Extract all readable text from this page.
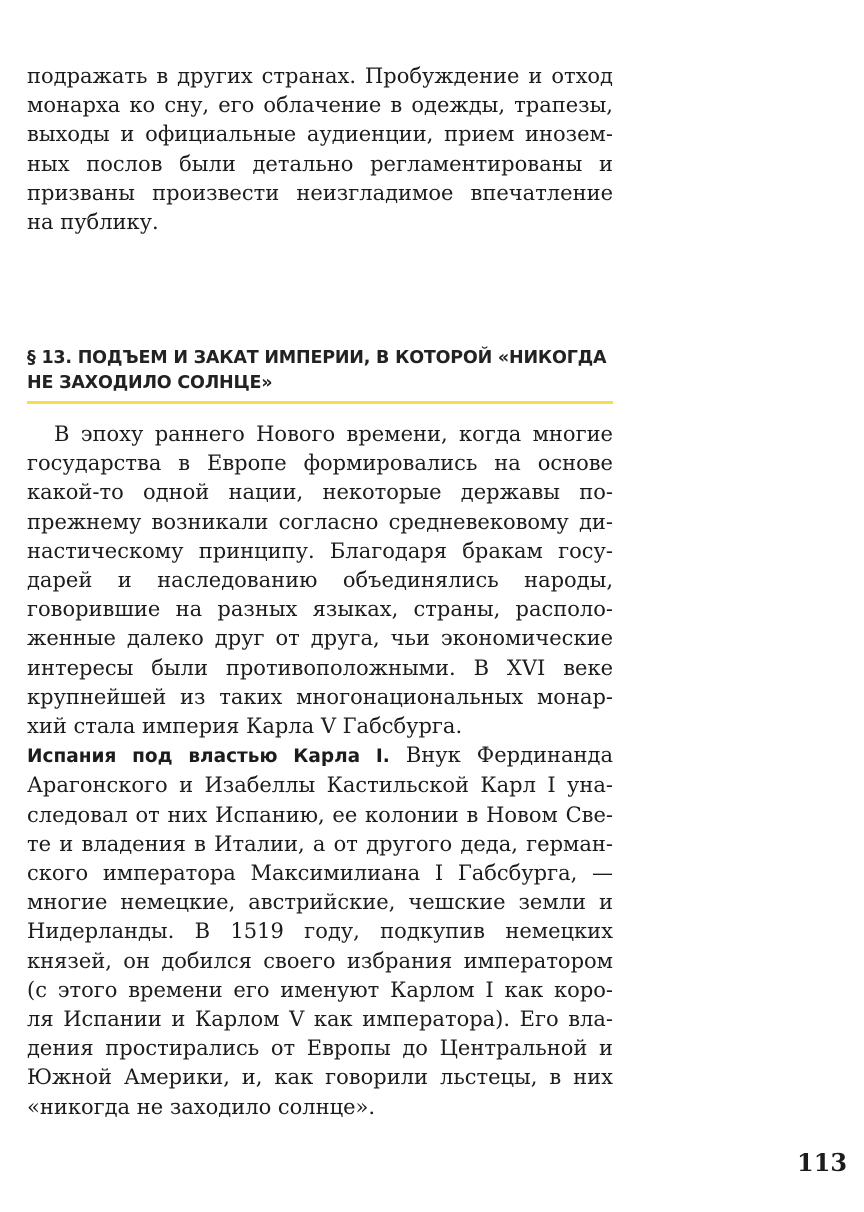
подражать в других странах. Пробуждение и отход
монарха ко сну, его облачение в одежды, трапезы,
выходы и официальные аудиенции, прием инозем-
ных послов были детально регламентированы и
призваны произвести неизгладимое впечатление
на публику.
§ 13. ПОДЪЕМ И ЗАКАТ ИМПЕРИИ, В КОТОРОЙ «НИКОГДА
НЕ ЗАХОДИЛО СОЛНЦЕ»
В эпоху раннего Нового времени, когда многие
государства в Европе формировались на основе
какой-то одной нации, некоторые державы по-
прежнему возникали согласно средневековому ди-
настическому принципу. Благодаря бракам госу-
дарей и наследованию объединялись народы,
говорившие на разных языках, страны, располо-
женные далеко друг от друга, чьи экономические
интересы были противоположными. В XVI веке
крупнейшей из таких многонациональных монар-
хий стала империя Карла V Габсбурга.
Испания под властью Карла I. Внук Фердинанда
Арагонского и Изабеллы Кастильской Карл I уна-
следовал от них Испанию, ее колонии в Новом Све-
те и владения в Италии, а от другого деда, герман-
ского императора Максимилиана I Габсбурга, —
многие немецкие, австрийские, чешские земли и
Нидерланды. В 1519 году, подкупив немецких
князей, он добился своего избрания императором
(с этого времени его именуют Карлом I как коро-
ля Испании и Карлом V как императора). Его вла-
дения простирались от Европы до Центральной и
Южной Америки, и, как говорили льстецы, в них
«никогда не заходило солнце».
113
